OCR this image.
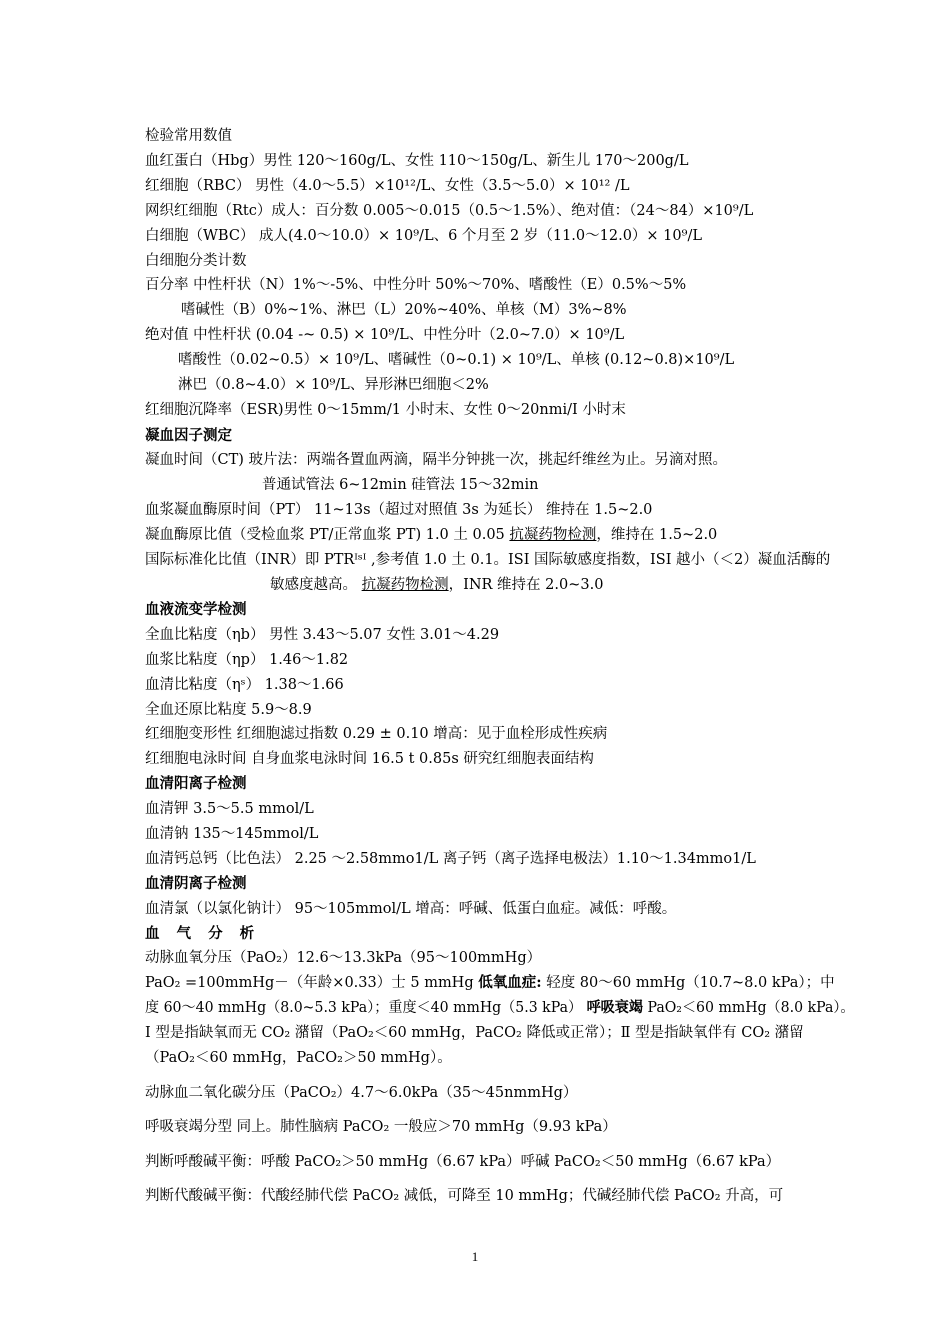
检验常用数值
血红蛋白（Hbg）男性 120～160g/L、女性 110～150g/L、新生儿 170～200g/L
红细胞（RBC） 男性（4.0～5.5）×10¹²/L、女性（3.5～5.0）× 10¹² /L
网织红细胞（Rtc）成人：百分数 0.005～0.015（0.5～1.5%）、绝对值：（24～84）×10⁹/L
白细胞（WBC） 成人(4.0～10.0）× 10⁹/L、6 个月至 2 岁（11.0～12.0）× 10⁹/L
白细胞分类计数
百分率 中性杆状（N）1%～-5%、中性分叶 50%～70%、嗜酸性（E）0.5%～5%
嗜碱性（B）0%~1%、淋巴（L）20%~40%、单核（M）3%~8%
绝对值 中性杆状 (0.04 -~ 0.5) × 10⁹/L、中性分叶（2.0~7.0）× 10⁹/L
嗜酸性（0.02~0.5）× 10⁹/L、嗜碱性（0~0.1) × 10⁹/L、单核 (0.12~0.8)×10⁹/L
淋巴（0.8~4.0）× 10⁹/L、异形淋巴细胞＜2%
红细胞沉降率（ESR)男性 0～15mm/1 小时末、女性 0～20nmi/I 小时末
凝血因子测定
凝血时间（CT) 玻片法：两端各置血两滴，隔半分钟挑一次，挑起纤维丝为止。另滴对照。
普通试管法 6~12min 硅管法 15～32min
血浆凝血酶原时间（PT） 11~13s（超过对照值 3s 为延长） 维持在 1.5~2.0
凝血酶原比值（受检血浆 PT/正常血浆 PT) 1.0 土 0.05 抗凝药物检测，维持在 1.5~2.0
国际标准化比值（INR）即 PTRᴵˢᴵ ,参考值 1.0 土 0.1。ISI 国际敏感度指数，ISI 越小（＜2）凝血活酶的
敏感度越高。 抗凝药物检测，INR 维持在 2.0~3.0
血液流变学检测
全血比粘度（ηb） 男性 3.43～5.07 女性 3.01～4.29
血浆比粘度（ηp） 1.46～1.82
血清比粘度（ηˢ） 1.38～1.66
全血还原比粘度 5.9～8.9
红细胞变形性 红细胞滤过指数 0.29 ± 0.10 增高：见于血栓形成性疾病
红细胞电泳时间 自身血浆电泳时间 16.5 t 0.85s 研究红细胞表面结构
血清阳离子检测
血清钾 3.5～5.5 mmol/L
血清钠 135～145mmol/L
血清钙总钙（比色法） 2.25 ～2.58mmo1/L 离子钙（离子选择电极法）1.10～1.34mmo1/L
血清阴离子检测
血清氯（以氯化钠计） 95～105mmol/L 增高：呼碱、低蛋白血症。减低：呼酸。
血 气 分 析
动脉血氧分压（PaO₂）12.6～13.3kPa（95～100mmHg）
PaO₂ =100mmHg－（年龄×0.33）士 5 mmHg 低氧血症: 轻度 80～60 mmHg（10.7~8.0 kPa）；中
度 60～40 mmHg（8.0~5.3 kPa）；重度＜40 mmHg（5.3 kPa） 呼吸衰竭 PaO₂＜60 mmHg（8.0 kPa）。
Ⅰ 型是指缺氧而无 CO₂ 潴留（PaO₂＜60 mmHg，PaCO₂ 降低或正常）；Ⅱ 型是指缺氧伴有 CO₂ 潴留
（PaO₂＜60 mmHg，PaCO₂＞50 mmHg）。
动脉血二氧化碳分压（PaCO₂）4.7～6.0kPa（35～45nmmHg）
呼吸衰竭分型 同上。肺性脑病 PaCO₂ 一般应＞70 mmHg（9.93 kPa）
判断呼酸碱平衡：呼酸 PaCO₂＞50 mmHg（6.67 kPa）呼碱 PaCO₂＜50 mmHg（6.67 kPa）
判断代酸碱平衡：代酸经肺代偿 PaCO₂ 减低，可降至 10 mmHg；代碱经肺代偿 PaCO₂ 升高，可
1
